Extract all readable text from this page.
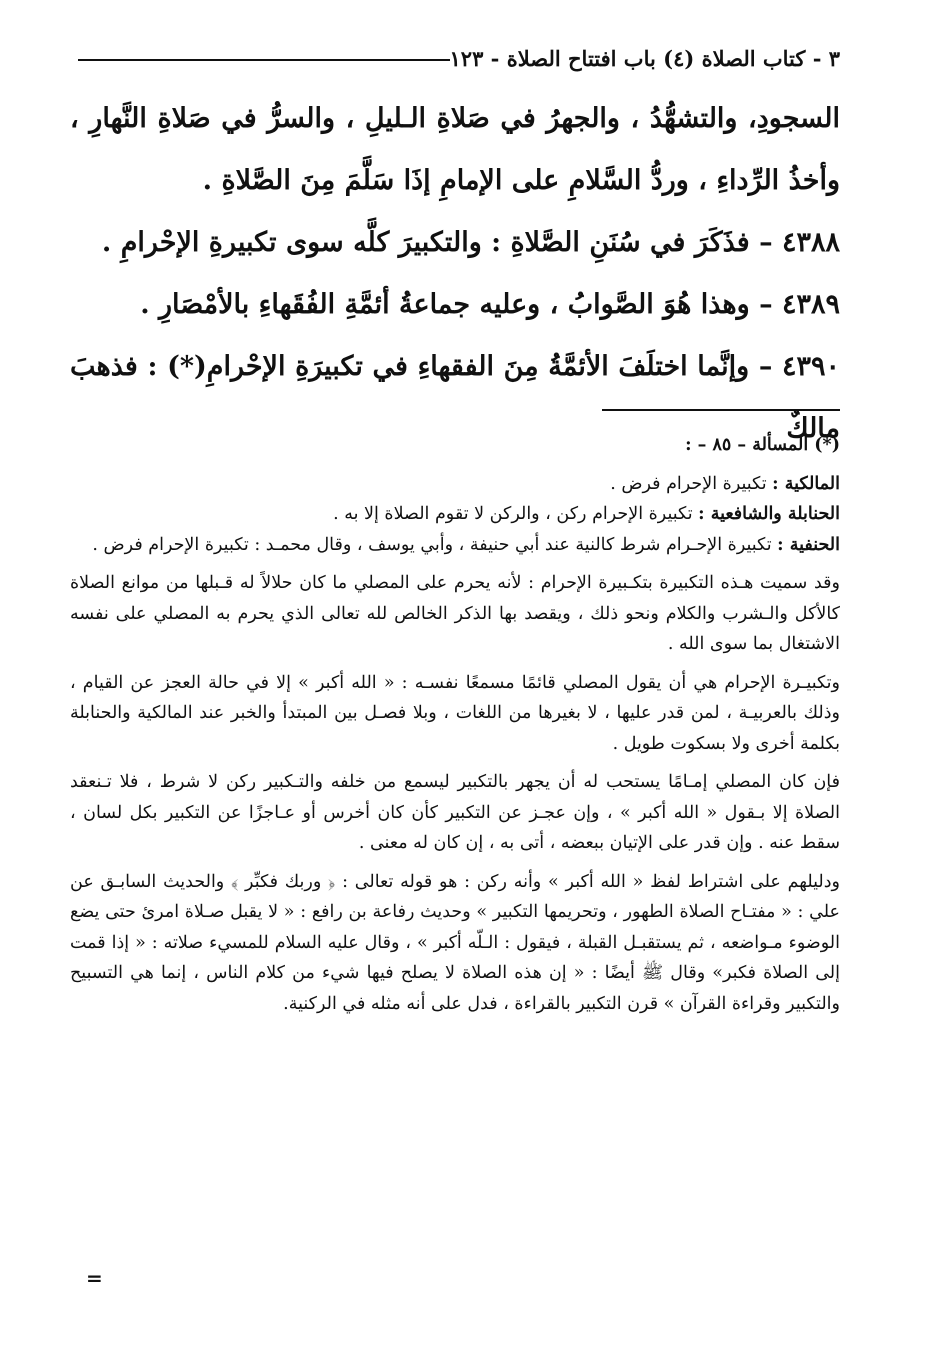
٣ - كتاب الصلاة (٤) باب افتتاح الصلاة - ١٢٣

السجودِ، والتشهُّدُ ، والجهرُ في صَلاةِ الـليلِ ، والسرُّ في صَلاةِ النَّهارِ ، وأخذُ الرِّداءِ ، وردُّ السَّلامِ على الإمامِ إذَا سَلَّمَ مِنَ الصَّلاةِ .

٤٣٨٨ – فذَكَرَ في سُنَنِ الصَّلاةِ : والتكبيرَ كلَّه سوى تكبيرةِ الإحْرامِ .

٤٣٨٩ – وهذا هُوَ الصَّوابُ ، وعليه جماعةُ أئمَّةِ الفُقَهاءِ بالأمْصَارِ .

٤٣٩٠ – وإنَّما اختلَفَ الأئمَّةُ مِنَ الفقهاءِ في تكبيرَةِ الإحْرامِ(*) : فذهبَ مالكٌ

(*) المسألة – ٨٥ – :

المالكية : تكبيرة الإحرام فرض .

الحنابلة والشافعية : تكبيرة الإحرام ركن ، والركن لا تقوم الصلاة إلا به .

الحنفية : تكبيرة الإحـرام شرط كالنية عند أبي حنيفة ، وأبي يوسف ، وقال محمـد : تكبيرة الإحرام فرض .

وقد سميت هـذه التكبيرة بتكـبيرة الإحرام : لأنه يحرم على المصلي ما كان حلالاً له قـبلها من موانع الصلاة كالأكل والـشرب والكلام ونحو ذلك ، ويقصد بها الذكر الخالص لله تعالى الذي يحرم به المصلي على نفسه الاشتغال بما سوى الله .

وتكبيـرة الإحرام هي أن يقول المصلي قائمًا مسمعًا نفسـه : « الله أكبر » إلا في حالة العجز عن القيام ، وذلك بالعربيـة ، لمن قدر عليها ، لا بغيرها من اللغات ، وبلا فصـل بين المبتدأ والخبر عند المالكية والحنابلة بكلمة أخرى ولا بسكوت طويل .

فإن كان المصلي إمـامًا يستحب له أن يجهر بالتكبير ليسمع من خلفه والتـكبير ركن لا شرط ، فلا تـنعقد الصلاة إلا بـقول « الله أكبر » ، وإن عجـز عن التكبير كأن كان أخرس أو عـاجزًا عن التكبير بكل لسان ، سقط عنه . وإن قدر على الإتيان ببعضه ، أتى به ، إن كان له معنى .

ودليلهم على اشتراط لفظ « الله أكبر » وأنه ركن : هو قوله تعالى : ﴿ وربك فكبِّر ﴾ والحديث السابـق عن علي : « مفتـاح الصلاة الطهور ، وتحريمها التكبير » وحديث رفاعة بن رافع : « لا يقبل صـلاة امرئ حتى يضع الوضوء مـواضعه ، ثم يستقبـل القبلة ، فيقول : الـلّه أكبر » ، وقال عليه السلام للمسيء صلاته : « إذا قمت إلى الصلاة فكبر» وقال ﷺ أيضًا : « إن هذه الصلاة لا يصلح فيها شيء من كلام الناس ، إنما هي التسبيح والتكبير وقراءة القرآن » قرن التكبير بالقراءة ، فدل على أنه مثله في الركنية.

=
